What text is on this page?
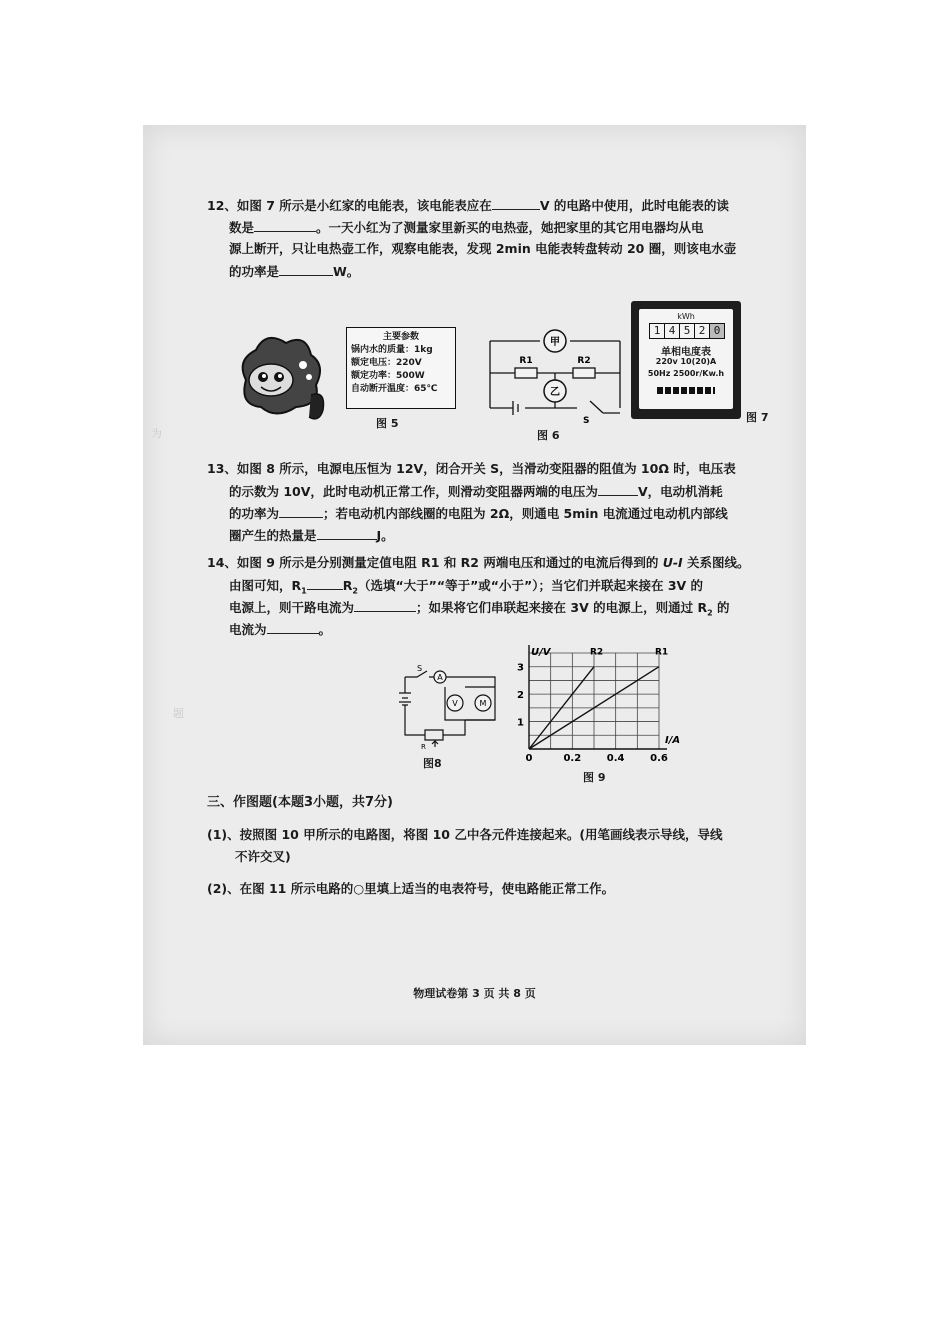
为
题
12、如图 7 所示是小红家的电能表，该电能表应在	V 的电路中使用，此时电能表的读
数是	。一天小红为了测量家里新买的电热壶，她把家里的其它用电器均从电
源上断开，只让电热壶工作，观察电能表，发现 2min 电能表转盘转动 20 圈，则该电水壶
的功率是	W。
主要参数
锅内水的质量：1kg
额定电压：220V
额定功率：500W
自动断开温度：65℃
图 5
甲
R1	R2
乙
S
图 6
kWh
1 4 5 2 0
单相电度表
220v 10(20)A
50Hz 2500r/Kw.h
图 7
13、如图 8 所示，电源电压恒为 12V，闭合开关 S，当滑动变阻器的阻值为 10Ω 时，电压表
的示数为 10V，此时电动机正常工作，则滑动变阻器两端的电压为	V，电动机消耗
的功率为	；若电动机内部线圈的电阻为 2Ω，则通电 5min 电流通过电动机内部线
圈产生的热量是	J。
14、如图 9 所示是分别测量定值电阻 R1 和 R2 两端电压和通过的电流后得到的 U-I 关系图线。
由图可知，$R_1$	$R_2$（选填“大于”“等于”或“小于”）；当它们并联起来接在 3V 的
电源上，则干路电流为	；如果将它们串联起来接在 3V 的电源上，则通过 $R_2$ 的
电流为	。
A
S
V	M
R
图8
R2	R1
0	0.2	0.4	0.6
1
2
3
U/V
I/A
图 9
三、作图题(本题3小题，共7分)
(1)、按照图 10 甲所示的电路图，将图 10 乙中各元件连接起来。(用笔画线表示导线，导线
不许交叉)
(2)、在图 11 所示电路的○里填上适当的电表符号，使电路能正常工作。
物理试卷第 3 页 共 8 页
